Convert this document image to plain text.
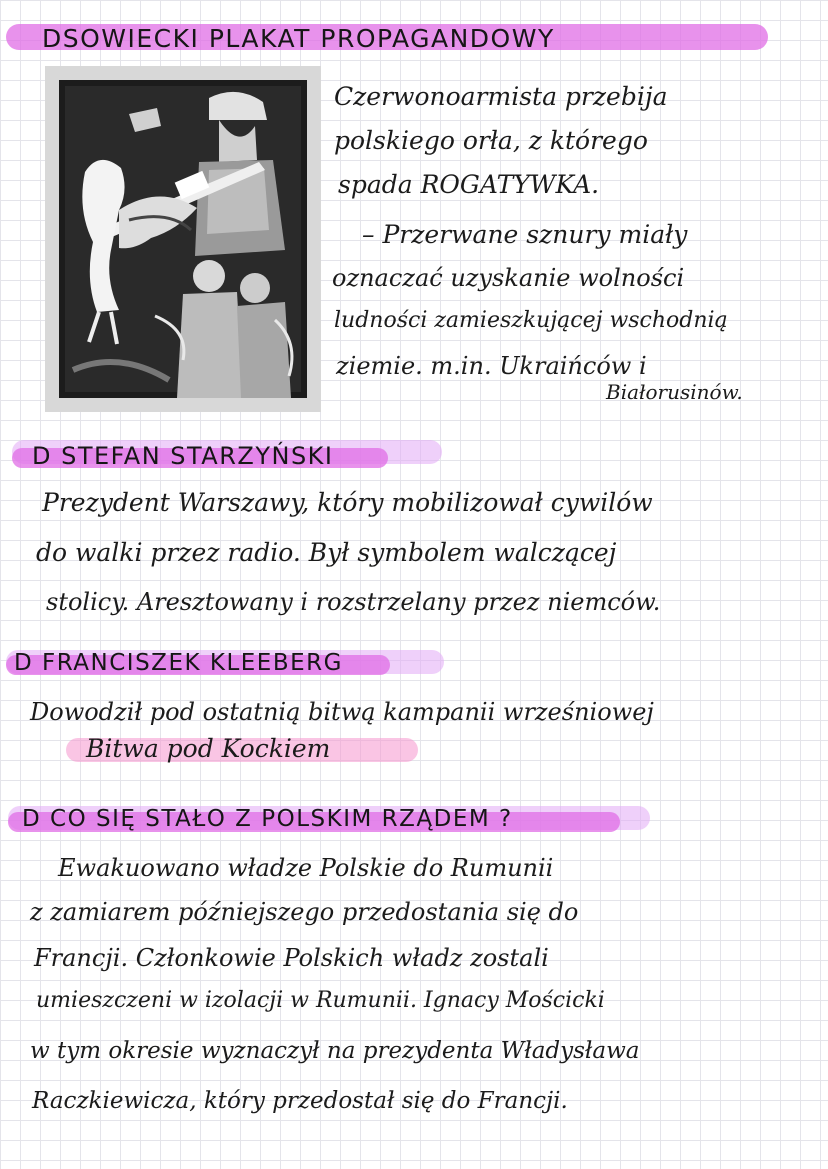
DSOWIECKI PLAKAT PROPAGANDOWY
Czerwonoarmista przebija
polskiego orła, z którego
spada ROGATYWKA.
– Przerwane sznury miały
oznaczać uzyskanie wolności
ludności zamieszkującej wschodnią
ziemie. m.in. Ukraińców i
Białorusinów.
D STEFAN STARZYŃSKI
Prezydent Warszawy, który mobilizował cywilów
do walki przez radio. Był symbolem walczącej
stolicy. Aresztowany i rozstrzelany przez niemców.
D FRANCISZEK KLEEBERG
Dowodził pod ostatnią bitwą kampanii wrześniowej
Bitwa pod Kockiem
D CO SIĘ STAŁO Z POLSKIM RZĄDEM ?
Ewakuowano władze Polskie do Rumunii
z zamiarem późniejszego przedostania się do
Francji. Członkowie Polskich władz zostali
umieszczeni w izolacji w Rumunii. Ignacy Mościcki
w tym okresie wyznaczył na prezydenta Władysława
Raczkiewicza, który przedostał się do Francji.
